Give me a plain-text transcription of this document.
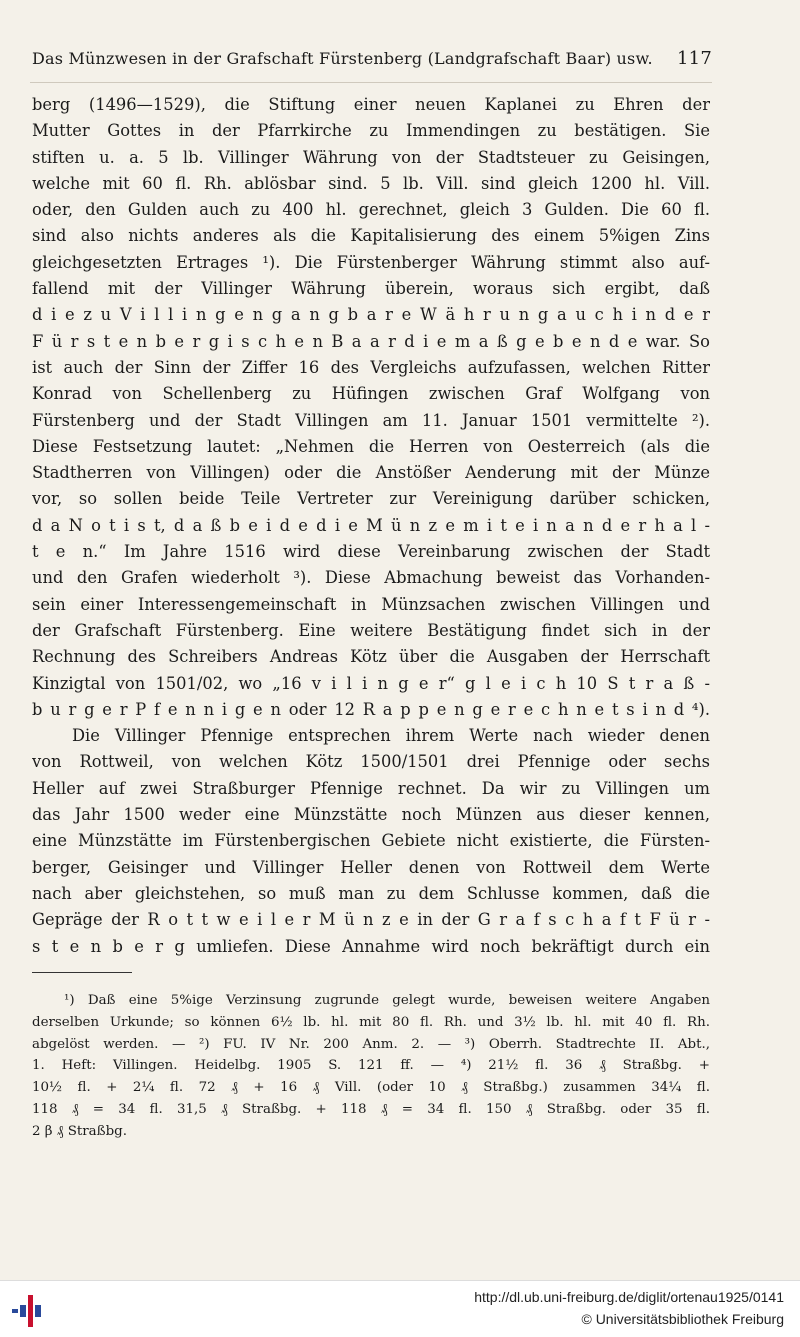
Das Münzwesen in der Grafschaft Fürstenberg (Landgrafschaft Baar) usw. 117
berg (1496—1529), die Stiftung einer neuen Kaplanei zu Ehren der
Mutter Gottes in der Pfarrkirche zu Immendingen zu bestätigen. Sie
stiften u. a. 5 lb. Villinger Währung von der Stadtsteuer zu Geisingen,
welche mit 60 fl. Rh. ablösbar sind. 5 lb. Vill. sind gleich 1200 hl. Vill.
oder, den Gulden auch zu 400 hl. gerechnet, gleich 3 Gulden. Die 60 fl.
sind also nichts anderes als die Kapitalisierung des einem 5%igen Zins
gleichgesetzten Ertrages ¹). Die Fürstenberger Währung stimmt also auf-
fallend mit der Villinger Währung überein, woraus sich ergibt, daß
d i e z u V i l l i n g e n g a n g b a r e W ä h r u n g a u c h i n d e r
F ü r s t e n b e r g i s c h e n B a a r d i e m a ß g e b e n d e war. So
ist auch der Sinn der Ziffer 16 des Vergleichs aufzufassen, welchen Ritter
Konrad von Schellenberg zu Hüfingen zwischen Graf Wolfgang von
Fürstenberg und der Stadt Villingen am 11. Januar 1501 vermittelte ²).
Diese Festsetzung lautet: „Nehmen die Herren von Oesterreich (als die
Stadtherren von Villingen) oder die Anstößer Aenderung mit der Münze
vor, so sollen beide Teile Vertreter zur Vereinigung darüber schicken,
d a N o t i s t, d a ß b e i d e d i e M ü n z e m i t e i n a n d e r h a l -
t e n.“ Im Jahre 1516 wird diese Vereinbarung zwischen der Stadt
und den Grafen wiederholt ³). Diese Abmachung beweist das Vorhanden-
sein einer Interessengemeinschaft in Münzsachen zwischen Villingen und
der Grafschaft Fürstenberg. Eine weitere Bestätigung findet sich in der
Rechnung des Schreibers Andreas Kötz über die Ausgaben der Herrschaft
Kinzigtal von 1501/02, wo „16 v i l i n g e r“ g l e i c h 10 S t r a ß -
b u r g e r P f e n n i g e n oder 12 R a p p e n g e r e c h n e t s i n d ⁴).
Die Villinger Pfennige entsprechen ihrem Werte nach wieder denen
von Rottweil, von welchen Kötz 1500/1501 drei Pfennige oder sechs
Heller auf zwei Straßburger Pfennige rechnet. Da wir zu Villingen um
das Jahr 1500 weder eine Münzstätte noch Münzen aus dieser kennen,
eine Münzstätte im Fürstenbergischen Gebiete nicht existierte, die Fürsten-
berger, Geisinger und Villinger Heller denen von Rottweil dem Werte
nach aber gleichstehen, so muß man zu dem Schlusse kommen, daß die
Gepräge der R o t t w e i l e r M ü n z e in der G r a f s c h a f t F ü r -
s t e n b e r g umliefen. Diese Annahme wird noch bekräftigt durch ein
¹) Daß eine 5%ige Verzinsung zugrunde gelegt wurde, beweisen weitere Angaben
derselben Urkunde; so können 6½ lb. hl. mit 80 fl. Rh. und 3½ lb. hl. mit 40 fl. Rh.
abgelöst werden. — ²) FU. IV Nr. 200 Anm. 2. — ³) Oberrh. Stadtrechte II. Abt.,
1. Heft: Villingen. Heidelbg. 1905 S. 121 ff. — ⁴) 21½ fl. 36 ₰ Straßbg. +
10½ fl. + 2¼ fl. 72 ₰ + 16 ₰ Vill. (oder 10 ₰ Straßbg.) zusammen 34¼ fl.
118 ₰ = 34 fl. 31,5 ₰ Straßbg. + 118 ₰ = 34 fl. 150 ₰ Straßbg. oder 35 fl.
2 β ₰ Straßbg.
http://dl.ub.uni-freiburg.de/diglit/ortenau1925/0141
© Universitätsbibliothek Freiburg
